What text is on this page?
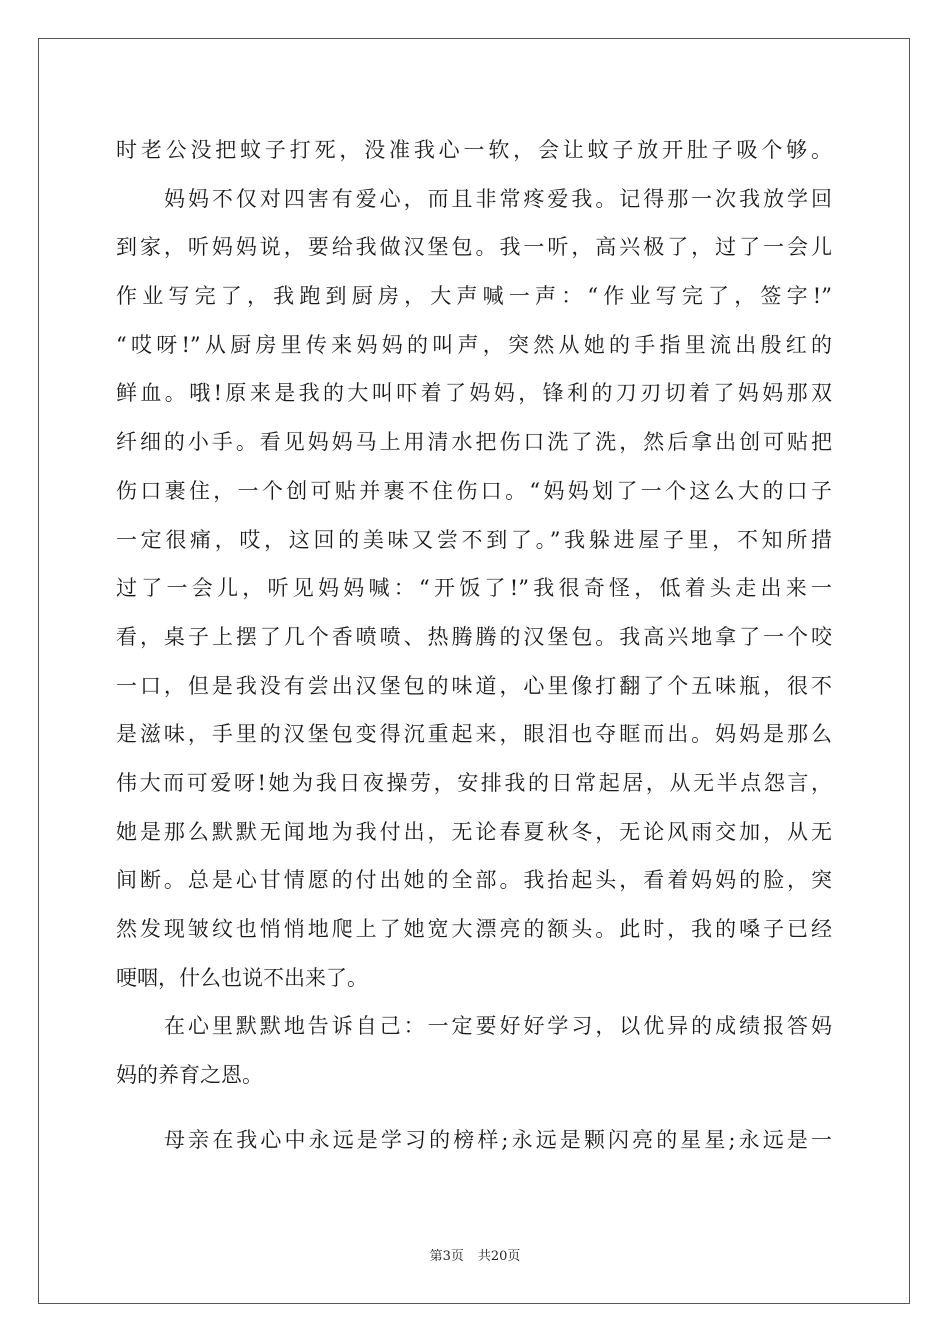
时老公没把蚊子打死，没准我心一软，会让蚊子放开肚子吸个够。
妈妈不仅对四害有爱心，而且非常疼爱我。记得那一次我放学回
到家，听妈妈说，要给我做汉堡包。我一听，高兴极了，过了一会儿
作业写完了，我跑到厨房，大声喊一声：“作业写完了，签字!”
“哎呀!”从厨房里传来妈妈的叫声，突然从她的手指里流出殷红的
鲜血。哦!原来是我的大叫吓着了妈妈，锋利的刀刃切着了妈妈那双
纤细的小手。看见妈妈马上用清水把伤口洗了洗，然后拿出创可贴把
伤口裹住，一个创可贴并裹不住伤口。“妈妈划了一个这么大的口子
一定很痛，哎，这回的美味又尝不到了。”我躲进屋子里，不知所措
过了一会儿，听见妈妈喊：“开饭了!”我很奇怪，低着头走出来一
看，桌子上摆了几个香喷喷、热腾腾的汉堡包。我高兴地拿了一个咬
一口，但是我没有尝出汉堡包的味道，心里像打翻了个五味瓶，很不
是滋味，手里的汉堡包变得沉重起来，眼泪也夺眶而出。妈妈是那么
伟大而可爱呀!她为我日夜操劳，安排我的日常起居，从无半点怨言，
她是那么默默无闻地为我付出，无论春夏秋冬，无论风雨交加，从无
间断。总是心甘情愿的付出她的全部。我抬起头，看着妈妈的脸，突
然发现皱纹也悄悄地爬上了她宽大漂亮的额头。此时，我的嗓子已经
哽咽，什么也说不出来了。
在心里默默地告诉自己：一定要好好学习，以优异的成绩报答妈
妈的养育之恩。
母亲在我心中永远是学习的榜样;永远是颗闪亮的星星;永远是一
第3页 共20页
